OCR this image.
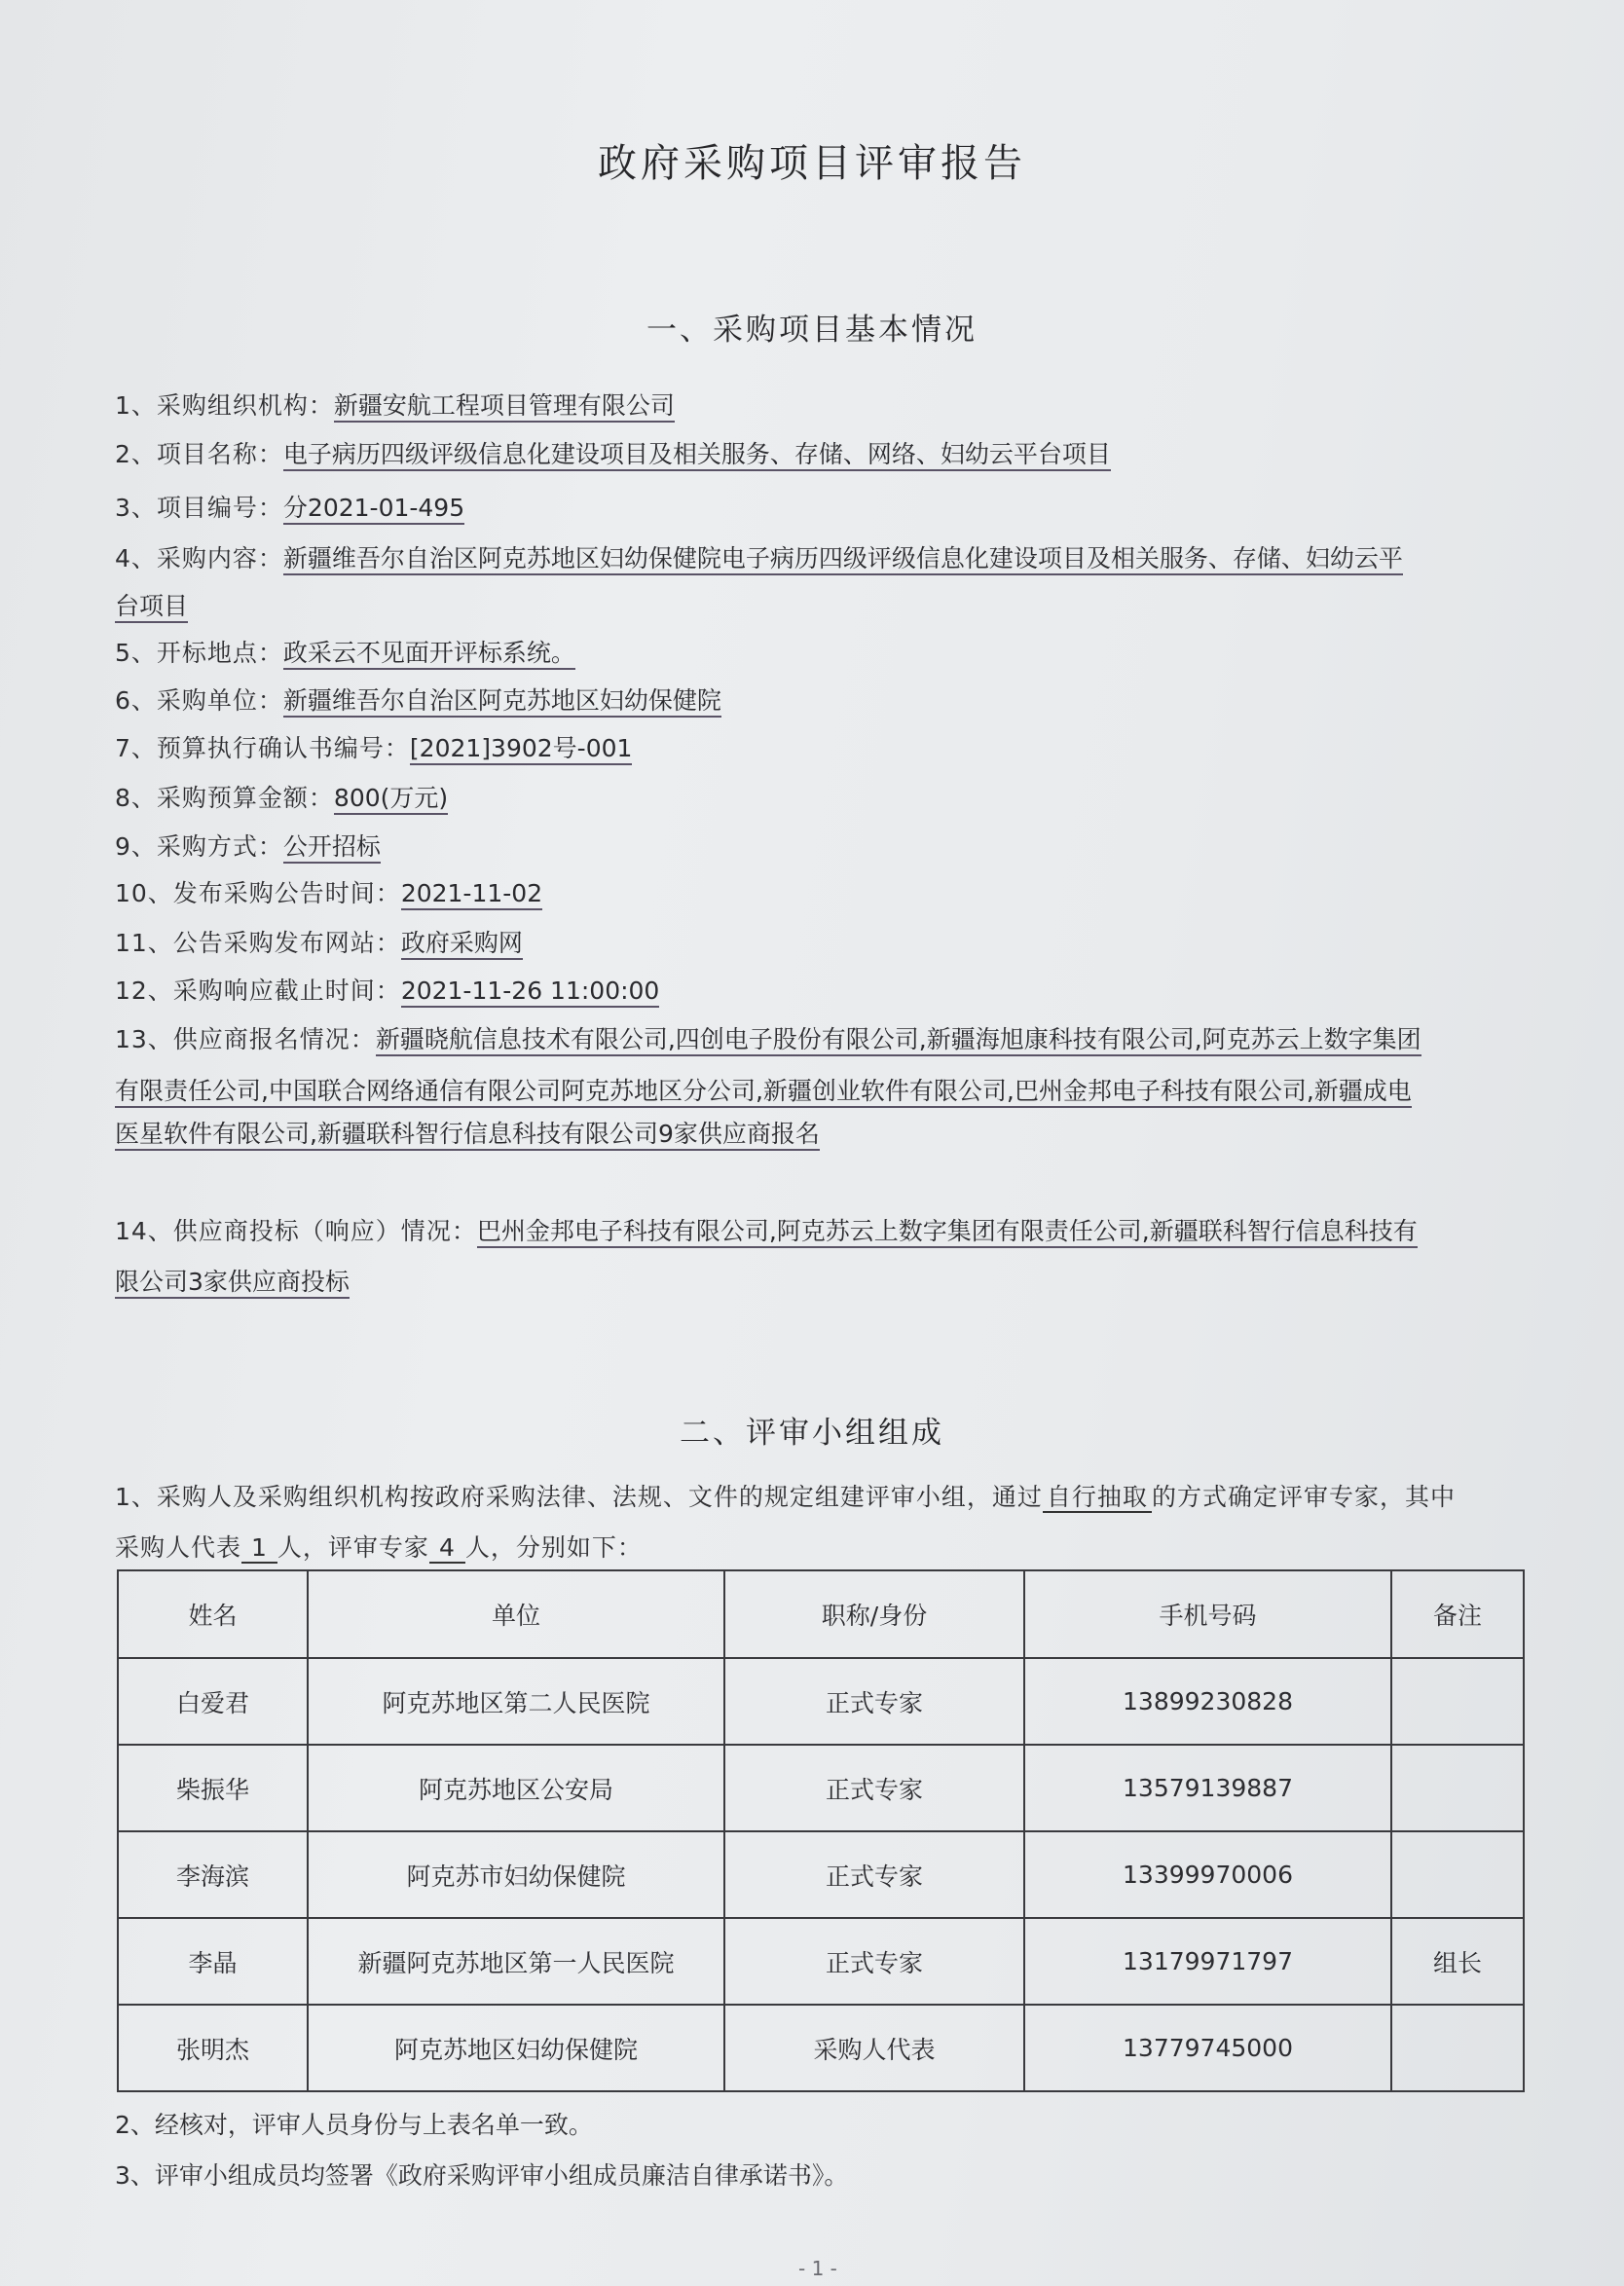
政府采购项目评审报告
一、采购项目基本情况
1、采购组织机构：新疆安航工程项目管理有限公司
2、项目名称：电子病历四级评级信息化建设项目及相关服务、存储、网络、妇幼云平台项目
3、项目编号：分2021-01-495
4、采购内容：新疆维吾尔自治区阿克苏地区妇幼保健院电子病历四级评级信息化建设项目及相关服务、存储、妇幼云平
台项目
5、开标地点：政采云不见面开评标系统。
6、采购单位：新疆维吾尔自治区阿克苏地区妇幼保健院
7、预算执行确认书编号：[2021]3902号-001
8、采购预算金额：800(万元)
9、采购方式：公开招标
10、发布采购公告时间：2021-11-02
11、公告采购发布网站：政府采购网
12、采购响应截止时间：2021-11-26 11:00:00
13、供应商报名情况：新疆晓航信息技术有限公司,四创电子股份有限公司,新疆海旭康科技有限公司,阿克苏云上数字集团
有限责任公司,中国联合网络通信有限公司阿克苏地区分公司,新疆创业软件有限公司,巴州金邦电子科技有限公司,新疆成电
医星软件有限公司,新疆联科智行信息科技有限公司9家供应商报名
14、供应商投标（响应）情况：巴州金邦电子科技有限公司,阿克苏云上数字集团有限责任公司,新疆联科智行信息科技有
限公司3家供应商投标
二、评审小组组成
1、采购人及采购组织机构按政府采购法律、法规、文件的规定组建评审小组，通过 自行抽取 的方式确定评审专家，其中
采购人代表 1 人，评审专家 4 人，分别如下：
姓名	单位	职称/身份	手机号码	备注
白爱君	阿克苏地区第二人民医院	正式专家	13899230828	
柴振华	阿克苏地区公安局	正式专家	13579139887	
李海滨	阿克苏市妇幼保健院	正式专家	13399970006	
李晶	新疆阿克苏地区第一人民医院	正式专家	13179971797	组长
张明杰	阿克苏地区妇幼保健院	采购人代表	13779745000	
2、经核对，评审人员身份与上表名单一致。
3、评审小组成员均签署《政府采购评审小组成员廉洁自律承诺书》。
- 1 -
